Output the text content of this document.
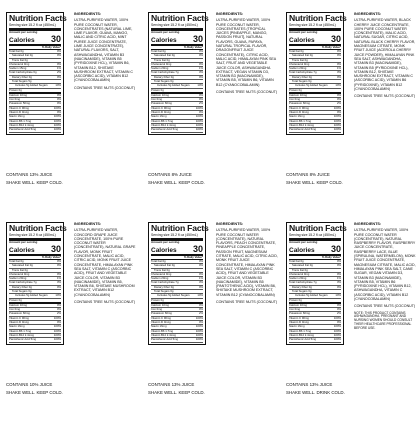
Nutrition Facts
Serving size 15.2 fl oz (450mL)
Amount per serving
Calories 30
% Daily Value*
Total Fat 0g	0%
Saturated Fat 0g	0%
Trans Fat 0g
Cholesterol 0mg	0%
Sodium 15mg	1%
Total Carbohydrate 6g	2%
Dietary Fiber 0g	0%
Total Sugars 5g
Includes 5g Added Sugars	10%
Protein 0g
Calcium 10mg	0%
Iron 0mg	0%
Potassium 50mg	0%
Vitamin C 90mg	100%
Vitamin D 0mcg	0%
Niacin 16mg	100%
Vitamin B6 1.7mg	100%
Vitamin B12 2.4mcg	100%
Pantothenic Acid 5mg	100%
INGREDIENTS:
ULTRA-PURIFIED WATER, 100% PURE COCONUT WATER, CONCENTRATES (NATURAL LIME, LIME FLAVOR, GUAVA, MANGO, MALIC AND CITRIC ACID, MINT PUREE JUICE CONCENTRATE, LIME JUICE CONCENTRATE), NATURAL FLAVORS, SALT, ASHWAGANDHA, VITAMIN B3 (NIACINAMIDE), VITAMIN B5 (PYRIDOXINE HCL), VITAMIN B6, VITAMIN B12, SHIITAKE MUSHROOM EXTRACT, VITAMIN C (ASCORBIC ACID), VITAMIN B12 (CYANOCOBALAMIN)
CONTAINS TREE NUTS (COCONUT)
CONTAINS 13% JUICE
SHAKE WELL. KEEP COLD.
Nutrition Facts
Serving size 15.2 fl oz (450mL)
Amount per serving
Calories 30
% Daily Value*
Total Fat 0g	0%
Saturated Fat 0g	0%
Trans Fat 0g
Cholesterol 0mg	0%
Sodium 20mg	1%
Total Carbohydrate 7g	3%
Dietary Fiber 0g	0%
Total Sugars 6g
Includes 5g Added Sugars	10%
Protein 0g
Calcium 10mg	0%
Iron 0mg	0%
Potassium 60mg	2%
Vitamin C 90mg	100%
Vitamin D 0mcg	0%
Niacin 16mg	100%
Vitamin B6 1.7mg	100%
Vitamin B12 2.4mcg	100%
Pantothenic Acid 5mg	100%
INGREDIENTS:
ULTRA-PURIFIED WATER, 100% PURE COCONUT WATER, CONCENTRATES (TROPICAL JUICES [PINEAPPLE, MANGO, PASSION FRUIT], NATURAL FLAVORS, GUAVA, PAPAYA, NATURAL TROPICAL FLAVOR, DRAGONFRUIT JUICE CONCENTRATE), CITRIC ACID, MALIC ACID, HIMALAYAN PINK SEA SALT, FRUIT AND VEGETABLE JUICE COLOR, ASHWAGANDHA EXTRACT, VEGAN VITAMIN D3, VITAMIN B3 (NIACINAMIDE), VITAMIN B5, VITAMIN B6, VITAMIN B12 (CYANOCOBALAMIN)
CONTAINS TREE NUTS (COCONUT)
CONTAINS 8% JUICE
SHAKE WELL. KEEP COLD.
Nutrition Facts
Serving size 15.2 fl oz (450mL)
Amount per serving
Calories 30
% Daily Value*
Total Fat 0g	0%
Saturated Fat 0g	0%
Trans Fat 0g
Cholesterol 0mg	0%
Sodium 20mg	1%
Total Carbohydrate 7g	3%
Dietary Fiber 0g	0%
Total Sugars 6g
Includes 5g Added Sugars	10%
Protein 0g
Calcium 10mg	0%
Iron 0mg	0%
Potassium 60mg	2%
Vitamin C 90mg	100%
Vitamin D 0mcg	0%
Niacin 16mg	100%
Vitamin B6 1.7mg	100%
Vitamin B12 2.4mcg	100%
Pantothenic Acid 5mg	100%
INGREDIENTS:
ULTRA-PURIFIED WATER, BLACK CHERRY JUICE CONCENTRATE, 100% PURE COCONUT WATER (CONCENTRATE), MALIC ACID, NATURAL SUGAR, CITRIC ACID, NATURAL BLACK CHERRY FLAVOR, MAGNESIUM CITRATE, MONK FRUIT JUICE (ACEROLA CHERRY JUICE POWDER), HIMALAYAN PINK SEA SALT, ASHWAGANDHA, VITAMIN B3 (NIACINAMIDE), VITAMIN B5 (PYRIDOXINE HCL), VITAMIN B12, SHIITAKE MUSHROOM EXTRACT, VITAMIN C (ASCORBIC ACID), VITAMIN B6 (PYRIDOXINE), VITAMIN B12 (CYANOCOBALAMIN)
CONTAINS TREE NUTS (COCONUT)
CONTAINS 8% JUICE
SHAKE WELL. KEEP COLD.
Nutrition Facts
Serving size 15.2 fl oz (450mL)
Amount per serving
Calories 30
% Daily Value*
Total Fat 0g	0%
Saturated Fat 0g	0%
Trans Fat 0g
Cholesterol 0mg	0%
Sodium 20mg	1%
Total Carbohydrate 7g	3%
Dietary Fiber 0g	0%
Total Sugars 6g
Includes 5g Added Sugars	10%
Protein 0g
Calcium 10mg	0%
Iron 0mg	0%
Potassium 60mg	2%
Vitamin C 90mg	100%
Vitamin D 0mcg	0%
Niacin 16mg	100%
Vitamin B6 1.7mg	100%
Vitamin B12 2.4mcg	100%
Pantothenic Acid 5mg	100%
INGREDIENTS:
ULTRA-PURIFIED WATER, CONCORD GRAPE JUICE CONCENTRATE, 100% PURE COCONUT WATER (CONCENTRATE), NATURAL GRAPE FLAVOR, MONK FRUIT CONCENTRATE, MALIC ACID, CITRIC ACID, MONK FRUIT JUICE CONCENTRATE, HIMALAYAN PINK SEA SALT, VITAMIN C (ASCORBIC ACID), FRUIT AND VEGETABLE JUICE COLOR, VITAMIN B3 (NIACINAMIDE), VITAMIN B5, VITAMIN B6, SHIITAKE MUSHROOM EXTRACT, VITAMIN B12 (CYANOCOBALAMIN)
CONTAINS TREE NUTS (COCONUT)
CONTAINS 10% JUICE
SHAKE WELL. KEEP COLD.
Nutrition Facts
Serving size 15.2 fl oz (450mL)
Amount per serving
Calories 30
% Daily Value*
Total Fat 0g	0%
Saturated Fat 0g	0%
Trans Fat 0g
Cholesterol 0mg	0%
Sodium 20mg	1%
Total Carbohydrate 7g	3%
Dietary Fiber 0g	0%
Total Sugars 6g
Includes 5g Added Sugars	10%
Protein 0g
Calcium 10mg	0%
Iron 0mg	0%
Potassium 60mg	2%
Vitamin C 90mg	100%
Vitamin D 0mcg	0%
Niacin 16mg	100%
Vitamin B6 1.7mg	100%
Vitamin B12 2.4mcg	100%
Pantothenic Acid 5mg	100%
INGREDIENTS:
ULTRA-PURIFIED WATER, 100% PURE COCONUT WATER (CONCENTRATE), NATURAL FLAVORS, PEACH CONCENTRATE, PINEAPPLE CONCENTRATE, PASSION FRUIT, MAGNESIUM CITRATE, MALIC ACID, CITRIC ACID, MONK FRUIT JUICE CONCENTRATE, HIMALAYAN PINK SEA SALT, VITAMIN C (ASCORBIC ACID), FRUIT AND VEGETABLE JUICE COLOR, VITAMIN B3 (NIACINAMIDE), VITAMIN B5 (PANTOTHENIC ACID), VITAMIN B6, SHIITAKE MUSHROOM EXTRACT, VITAMIN B12 (CYANOCOBALAMIN)
CONTAINS TREE NUTS (COCONUT)
CONTAINS 13% JUICE
SHAKE WELL. KEEP COLD.
Nutrition Facts
Serving size 15.2 fl oz (450mL)
Amount per serving
Calories 30
% Daily Value*
Total Fat 0g	0%
Saturated Fat 0g	0%
Trans Fat 0g
Cholesterol 0mg	0%
Sodium 20mg	1%
Total Carbohydrate 7g	3%
Dietary Fiber 0g	0%
Total Sugars 6g
Includes 5g Added Sugars	10%
Protein 0g
Calcium 10mg	0%
Iron 0mg	0%
Potassium 60mg	2%
Vitamin C 90mg	100%
Vitamin D 0mcg	0%
Niacin 16mg	100%
Vitamin B6 1.7mg	100%
Vitamin B12 2.4mcg	100%
Pantothenic Acid 5mg	100%
INGREDIENTS:
ULTRA-PURIFIED WATER, 100% PURE COCONUT WATER (CONCENTRATE), NATURAL RASPBERRY FLAVOR, RASPBERRY JUICE CONCENTRATE, RASPBERRY LACE, BLUE (SPIRULINA, WATERMELON), MONK FRUIT JUICE CONCENTRATE, MAGNESIUM CITRATE, MALIC ACID, HIMALAYAN PINK SEA SALT, CANE SUGAR, VEGAN VITAMIN D3, VITAMIN B3 (NIACINAMIDE), VITAMIN B5, VITAMIN B6 (PYRIDOXINE HCL), VITAMIN B12, ASHWAGANDHA, VITAMIN C (ASCORBIC ACID), VITAMIN B12 (CYANOCOBALAMIN)
CONTAINS TREE NUTS (COCONUT)
NOTE: THIS PRODUCT CONTAINS ASHWAGANDHA. PREGNANT AND NURSING WOMEN SHOULD CONSULT THEIR HEALTHCARE PROFESSIONAL BEFORE USE.
CONTAINS 13% JUICE
SHAKE WELL. DRINK COLD.
